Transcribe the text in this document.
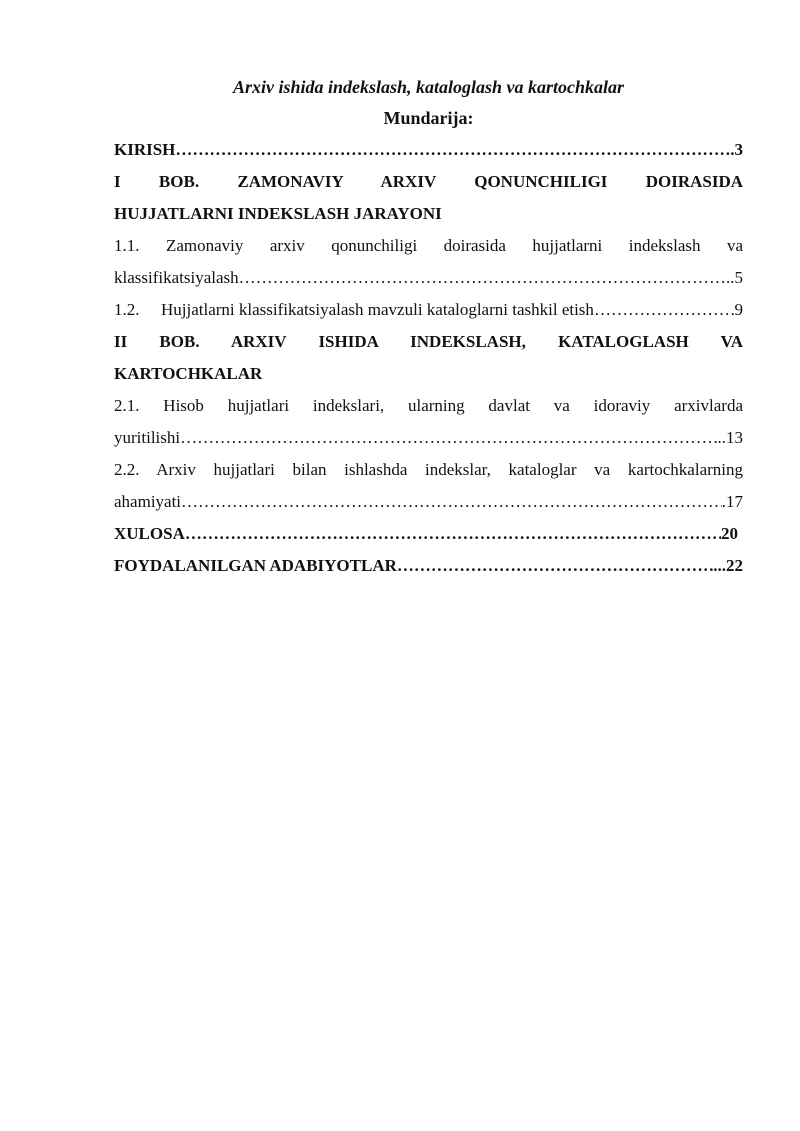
Arxiv ishida indekslash, kataloglash va kartochkalar

Mundarija:

KIRISH ……………………………………………………………………………………………………………………………………………………………………………………	.3
I BOB. ZAMONAVIY ARXIV QONUNCHILIGI DOIRASIDA
HUJJATLARNI INDEKSLASH JARAYONI
1.1. Zamonaviy arxiv qonunchiligi doirasida hujjatlarni indekslash va
klassifikatsiyalash ……………………………………………………………………………………………………………………………………………………………………………………	..5
1.2. Hujjatlarni klassifikatsiyalash mavzuli kataloglarni tashkil etish ……………………………………………………………………………………………………………………………………………………………………………………	9
II BOB. ARXIV ISHIDA INDEKSLASH, KATALOGLASH VA
KARTOCHKALAR
2.1. Hisob hujjatlari indekslari, ularning davlat va idoraviy arxivlarda
yuritilishi ……………………………………………………………………………………………………………………………………………………………………………………	..13
2.2. Arxiv hujjatlari bilan ishlashda indekslar, kataloglar va kartochkalarning
ahamiyati ……………………………………………………………………………………………………………………………………………………………………………………	.17
XULOSA ……………………………………………………………………………………………………………………………………………………………………………………	20
FOYDALANILGAN ADABIYOTLAR ……………………………………………………………………………………………………………………………………………………………………………………	...22
